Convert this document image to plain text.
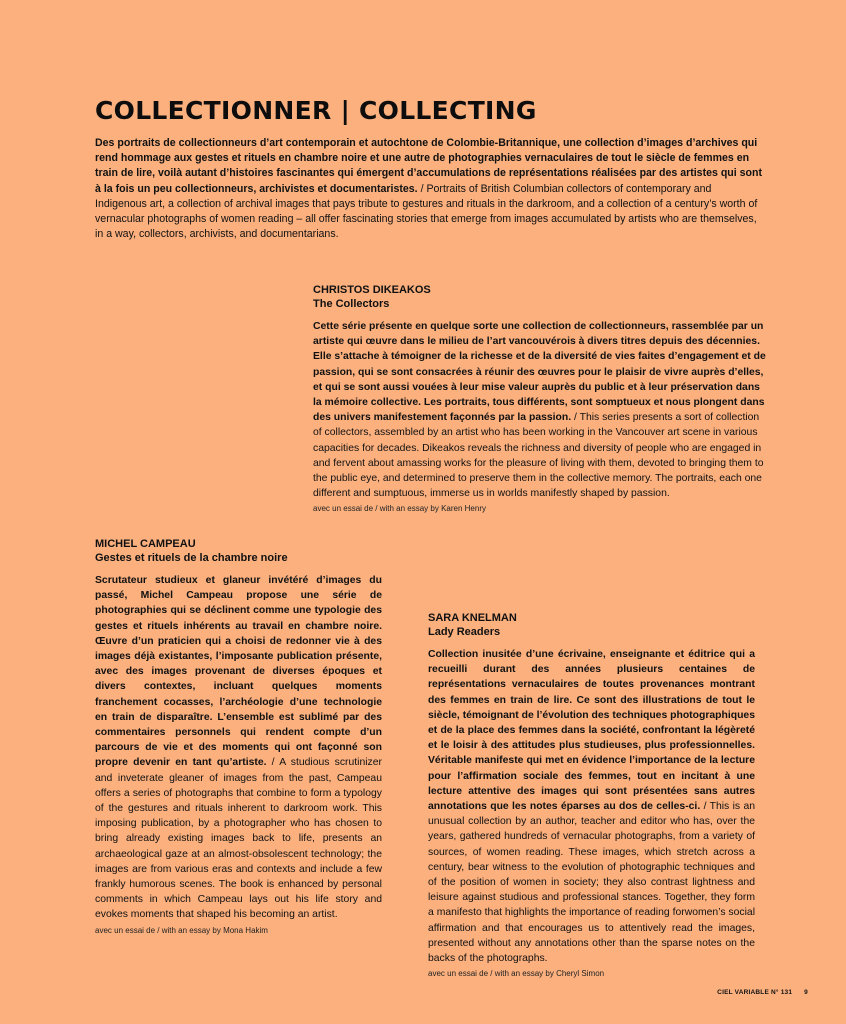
COLLECTIONNER | COLLECTING

Des portraits de collectionneurs d’art contemporain et autochtone de Colombie-Britannique, une collection d’images d’archives qui rend hommage aux gestes et rituels en chambre noire et une autre de photographies vernaculaires de tout le siècle de femmes en train de lire, voilà autant d’histoires fascinantes qui émergent d’accumulations de représentations réalisées par des artistes qui sont à la fois un peu collectionneurs, archivistes et documentaristes. / Portraits of British Columbian collectors of contemporary and Indigenous art, a collection of archival images that pays tribute to gestures and rituals in the darkroom, and a collection of a century’s worth of vernacular photographs of women reading – all offer fascinating stories that emerge from images accumulated by artists who are themselves, in a way, collectors, archivists, and documentarians.

CHRISTOS DIKEAKOS

The Collectors

Cette série présente en quelque sorte une collection de collectionneurs, rassemblée par un artiste qui œuvre dans le milieu de l’art vancouvérois à divers titres depuis des décennies. Elle s’attache à témoigner de la richesse et de la diversité de vies faites d’engagement et de passion, qui se sont consacrées à réunir des œuvres pour le plaisir de vivre auprès d’elles, et qui se sont aussi vouées à leur mise valeur auprès du public et à leur préservation dans la mémoire collective. Les portraits, tous différents, sont somptueux et nous plongent dans des univers manifestement façonnés par la passion. / This series presents a sort of collection of collectors, assembled by an artist who has been working in the Vancouver art scene in various capacities for decades. Dikeakos reveals the richness and diversity of people who are engaged in and fervent about amassing works for the pleasure of living with them, devoted to bringing them to the public eye, and determined to preserve them in the collective memory. The portraits, each one different and sumptuous, immerse us in worlds manifestly shaped by passion.

avec un essai de / with an essay by Karen Henry

MICHEL CAMPEAU

Gestes et rituels de la chambre noire

Scrutateur studieux et glaneur invétéré d’images du passé, Michel Campeau propose une série de photographies qui se déclinent comme une typologie des gestes et rituels inhérents au travail en chambre noire. Œuvre d’un praticien qui a choisi de redonner vie à des images déjà existantes, l’imposante publication présente, avec des images provenant de diverses époques et divers contextes, incluant quelques moments franchement cocasses, l’archéologie d’une technologie en train de disparaître. L’ensemble est sublimé par des commentaires personnels qui rendent compte d’un parcours de vie et des moments qui ont façonné son propre devenir en tant qu’artiste. / A studious scrutinizer and inveterate gleaner of images from the past, Campeau offers a series of photographs that combine to form a typology of the gestures and rituals inherent to darkroom work. This imposing publication, by a photographer who has chosen to bring already existing images back to life, presents an archaeological gaze at an almost-obsolescent technology; the images are from various eras and contexts and include a few frankly humorous scenes. The book is enhanced by personal comments in which Campeau lays out his life story and evokes moments that shaped his becoming an artist.

avec un essai de / with an essay by Mona Hakim

SARA KNELMAN

Lady Readers

Collection inusitée d’une écrivaine, enseignante et éditrice qui a recueilli durant des années plusieurs centaines de représentations vernaculaires de toutes provenances montrant des femmes en train de lire. Ce sont des illustrations de tout le siècle, témoignant de l’évolution des techniques photographiques et de la place des femmes dans la société, confrontant la légèreté et le loisir à des attitudes plus studieuses, plus professionnelles. Véritable manifeste qui met en évidence l’importance de la lecture pour l’affirmation sociale des femmes, tout en incitant à une lecture attentive des images qui sont présentées sans autres annotations que les notes éparses au dos de celles-ci. / This is an unusual collection by an author, teacher and editor who has, over the years, gathered hundreds of vernacular photographs, from a variety of sources, of women reading. These images, which stretch across a century, bear witness to the evolution of photographic techniques and of the position of women in society; they also contrast lightness and leisure against studious and professional stances. Together, they form a manifesto that highlights the importance of reading forwomen’s social affirmation and that encourages us to attentively read the images, presented without any annotations other than the sparse notes on the backs of the photographs.

avec un essai de / with an essay by Cheryl Simon

CIEL VARIABLE N° 131 9
